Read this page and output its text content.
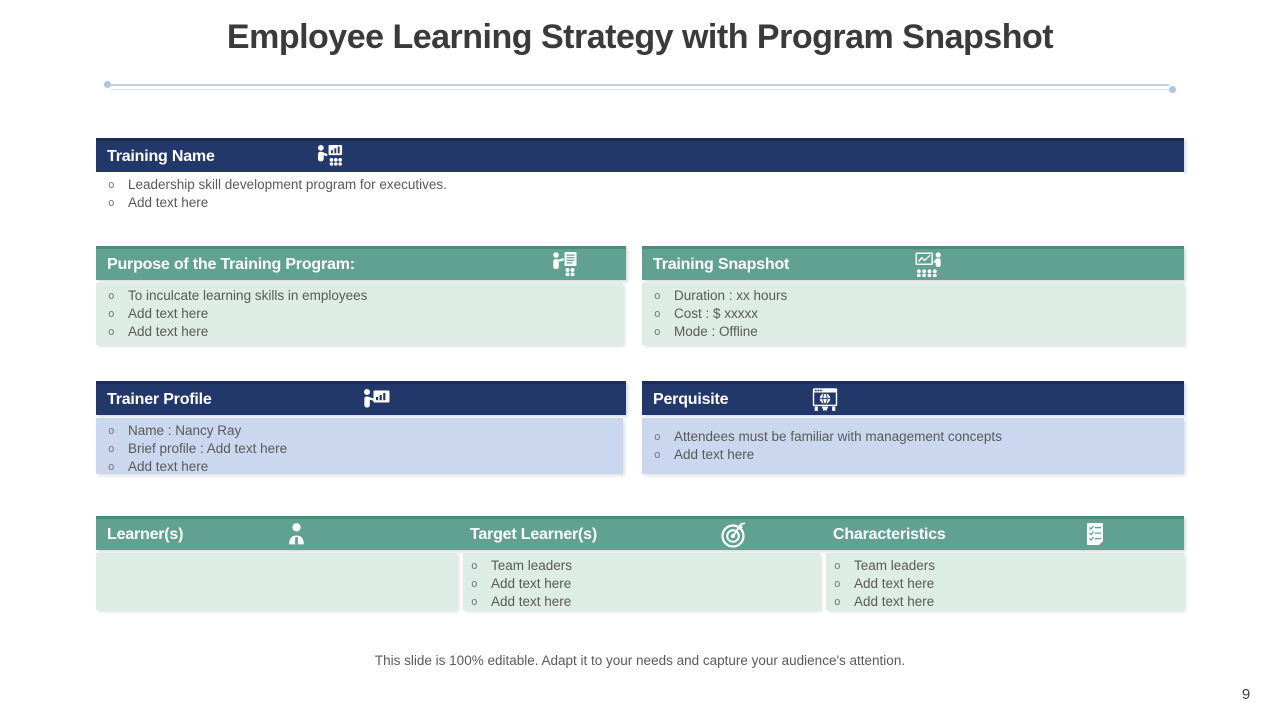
Employee Learning Strategy with Program Snapshot
Training Name
o Leadership skill development program for executives.
o Add text here
Purpose of the Training Program:	Training Snapshot
o To inculcate learning skills in employees
o Add text here
o Add text here
o Duration : xx hours
o Cost : $ xxxxx
o Mode : Offline
Trainer Profile	Perquisite
o Name : Nancy Ray
o Brief profile : Add text here
o Add text here
o Attendees must be familiar with management concepts
o Add text here
Learner(s)	Target Learner(s)	Characteristics
o Team leaders
o Add text here
o Add text here
o Team leaders
o Add text here
o Add text here
This slide is 100% editable. Adapt it to your needs and capture your audience's attention.
9
